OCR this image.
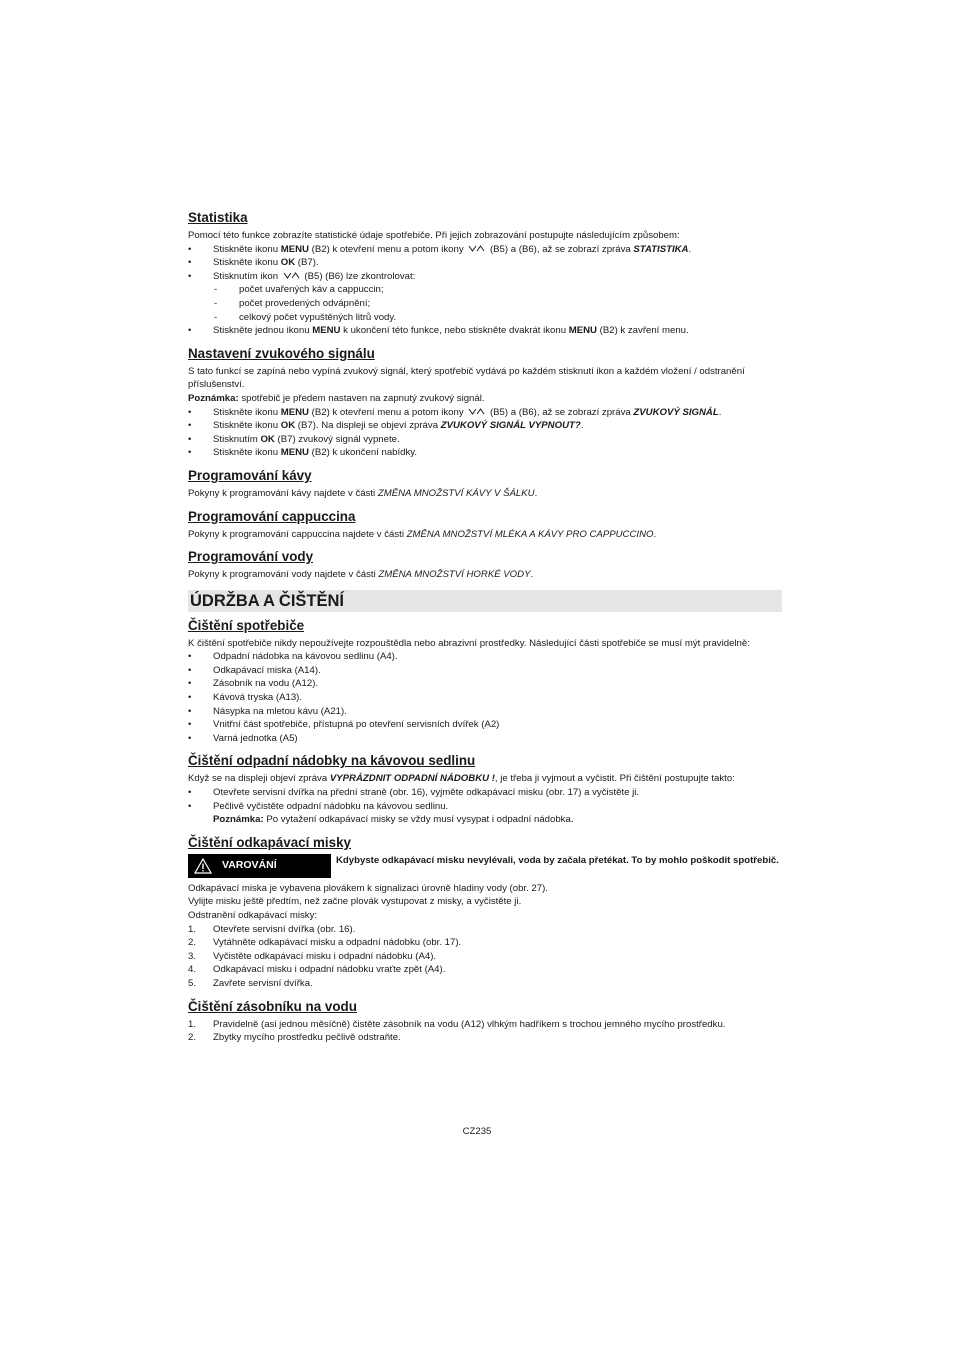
Statistika

Pomocí této funkce zobrazíte statistické údaje spotřebiče. Při jejich zobrazování postupujte následujícím způsobem:

• Stiskněte ikonu MENU (B2) k otevření menu a potom ikony  (B5) a (B6), až se zobrazí zpráva STATISTIKA.
• Stiskněte ikonu OK (B7).
• Stisknutím ikon  (B5) (B6) lze zkontrolovat:
- počet uvařených káv a cappuccin;
- počet provedených odvápnění;
- celkový počet vypuštěných litrů vody.
• Stiskněte jednou ikonu MENU k ukončení této funkce, nebo stiskněte dvakrát ikonu MENU (B2) k zavření menu.
Nastavení zvukového signálu

S tato funkcí se zapíná nebo vypíná zvukový signál, který spotřebič vydává po každém stisknutí ikon a každém vložení / odstranění příslušenství.

Poznámka: spotřebič je předem nastaven na zapnutý zvukový signál.

• Stiskněte ikonu MENU (B2) k otevření menu a potom ikony  (B5) a (B6), až se zobrazí zpráva ZVUKOVÝ SIGNÁL.
• Stiskněte ikonu OK (B7). Na displeji se objeví zpráva ZVUKOVÝ SIGNÁL VYPNOUT?.
• Stisknutím OK (B7) zvukový signál vypnete.
• Stiskněte ikonu MENU (B2) k ukončení nabídky.
Programování kávy

Pokyny k programování kávy najdete v části ZMĚNA MNOŽSTVÍ KÁVY V ŠÁLKU.

Programování cappuccina

Pokyny k programování cappuccina najdete v části ZMĚNA MNOŽSTVÍ MLÉKA A KÁVY PRO CAPPUCCINO.

Programování vody

Pokyny k programování vody najdete v části ZMĚNA MNOŽSTVÍ HORKÉ VODY.

ÚDRŽBA A ČIŠTĚNÍ
Čištění spotřebiče

K čištění spotřebiče nikdy nepoužívejte rozpouštědla nebo abrazivní prostředky. Následující části spotřebiče se musí mýt pravidelně:

• Odpadní nádobka na kávovou sedlinu (A4).
• Odkapávací miska (A14).
• Zásobník na vodu (A12).
• Kávová tryska (A13).
• Násypka na mletou kávu (A21).
• Vnitřní část spotřebiče, přístupná po otevření servisních dvířek (A2)
• Varná jednotka (A5)
Čištění odpadní nádobky na kávovou sedlinu

Když se na displeji objeví zpráva VYPRÁZDNIT ODPADNÍ NÁDOBKU !, je třeba ji vyjmout a vyčistit. Při čištění postupujte takto:

• Otevřete servisní dvířka na přední straně (obr. 16), vyjměte odkapávací misku (obr. 17) a vyčistěte ji.
• Pečlivě vyčistěte odpadní nádobku na kávovou sedlinu.

Poznámka: Po vytažení odkapávací misky se vždy musí vysypat i odpadní nádobka.

Čištění odkapávací misky
VAROVÁNÍ	Kdybyste odkapávací misku nevylévali, voda by začala přetékat. To by mohlo poškodit spotřebič.

Odkapávací miska je vybavena plovákem k signalizaci úrovně hladiny vody (obr. 27).

Vylijte misku ještě předtím, než začne plovák vystupovat z misky, a vyčistěte ji.

Odstranění odkapávací misky:

1. Otevřete servisní dvířka (obr. 16).
2. Vytáhněte odkapávací misku a odpadní nádobku (obr. 17).
3. Vyčistěte odkapávací misku i odpadní nádobku (A4).
4. Odkapávací misku i odpadní nádobku vraťte zpět (A4).
5. Zavřete servisní dvířka.
Čištění zásobníku na vodu
1. Pravidelně (asi jednou měsíčně) čistěte zásobník na vodu (A12) vlhkým hadříkem s trochou jemného mycího prostředku.
2. Zbytky mycího prostředku pečlivě odstraňte.
CZ235
